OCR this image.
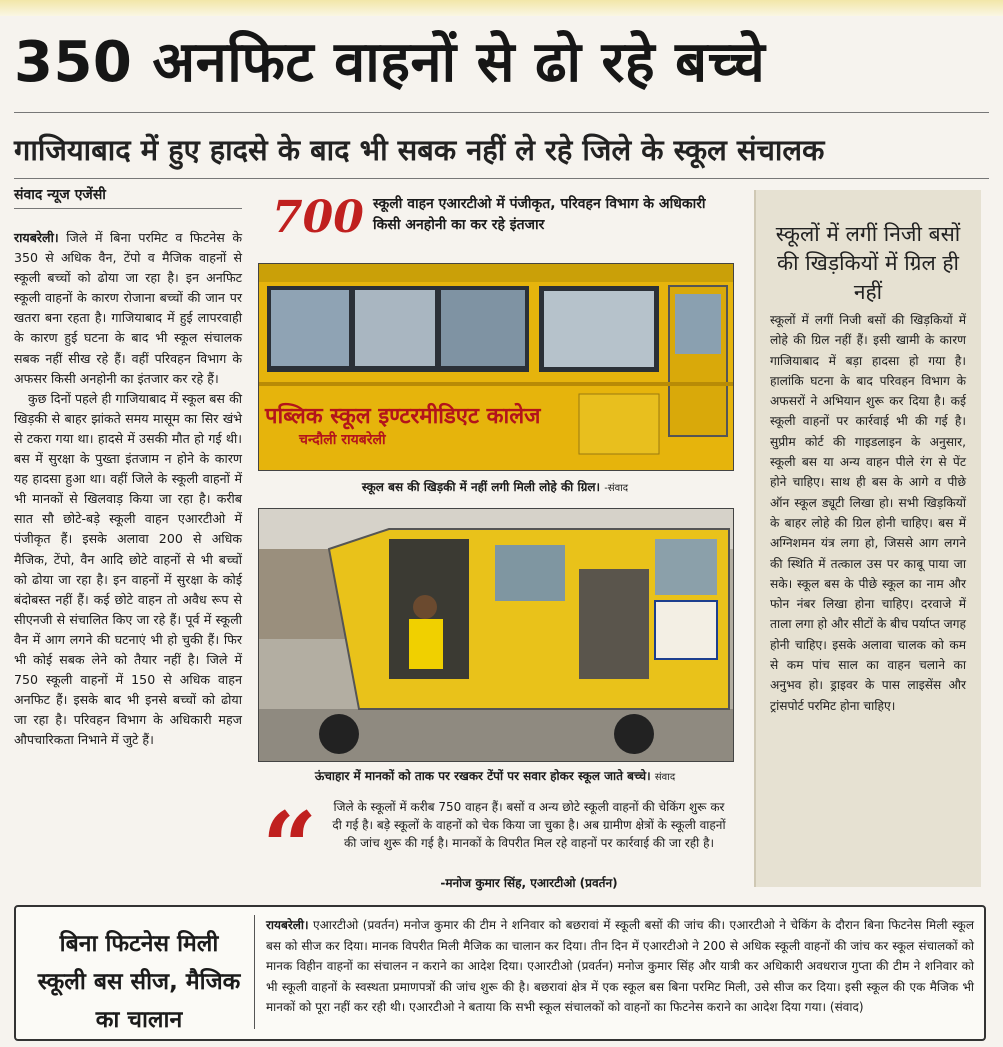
350 अनफिट वाहनों से ढो रहे बच्चे
गाजियाबाद में हुए हादसे के बाद भी सबक नहीं ले रहे जिले के स्कूल संचालक
संवाद न्यूज एजेंसी

रायबरेली। जिले में बिना परमिट व फिटनेस के 350 से अधिक वैन, टेंपो व मैजिक वाहनों से स्कूली बच्चों को ढोया जा रहा है। इन अनफिट स्कूली वाहनों के कारण रोजाना बच्चों की जान पर खतरा बना रहता है। गाजियाबाद में हुई लापरवाही के कारण हुई घटना के बाद भी स्कूल संचालक सबक नहीं सीख रहे हैं। वहीं परिवहन विभाग के अफसर किसी अनहोनी का इंतजार कर रहे हैं।

कुछ दिनों पहले ही गाजियाबाद में स्कूल बस की खिड़की से बाहर झांकते समय मासूम का सिर खंभे से टकरा गया था। हादसे में उसकी मौत हो गई थी। बस में सुरक्षा के पुख्ता इंतजाम न होने के कारण यह हादसा हुआ था। वहीं जिले के स्कूली वाहनों में भी मानकों से खिलवाड़ किया जा रहा है। करीब सात सौ छोटे-बड़े स्कूली वाहन एआरटीओ में पंजीकृत हैं। इसके अलावा 200 से अधिक मैजिक, टेंपो, वैन आदि छोटे वाहनों से भी बच्चों को ढोया जा रहा है। इन वाहनों में सुरक्षा के कोई बंदोबस्त नहीं हैं। कई छोटे वाहन तो अवैध रूप से सीएनजी से संचालित किए जा रहे हैं। पूर्व में स्कूली वैन में आग लगने की घटनाएं भी हो चुकी हैं। फिर भी कोई सबक लेने को तैयार नहीं है। जिले में 750 स्कूली वाहनों में 150 से अधिक वाहन अनफिट हैं। इसके बाद भी इनसे बच्चों को ढोया जा रहा है। परिवहन विभाग के अधिकारी महज औपचारिकता निभाने में जुटे हैं।

700 स्कूली वाहन एआरटीओ में पंजीकृत, परिवहन विभाग के अधिकारी किसी अनहोनी का कर रहे इंतजार
पब्लिक स्कूल इण्टरमीडिएट कालेज
चन्दौली रायबरेली
स्कूल बस की खिड़की में नहीं लगी मिली लोहे की ग्रिल। -संवाद
ऊंचाहार में मानकों को ताक पर रखकर टेंपों पर सवार होकर स्कूल जाते बच्चे। संवाद
“	जिले के स्कूलों में करीब 750 वाहन हैं। बसों व अन्य छोटे स्कूली वाहनों की चेकिंग शुरू कर दी गई है। बड़े स्कूलों के वाहनों को चेक किया जा चुका है। अब ग्रामीण क्षेत्रों के स्कूली वाहनों की जांच शुरू की गई है। मानकों के विपरीत मिल रहे वाहनों पर कार्रवाई की जा रही है।
-मनोज कुमार सिंह, एआरटीओ (प्रवर्तन)
स्कूलों में लगीं निजी बसों की खिड़कियों में ग्रिल ही नहीं
स्कूलों में लगीं निजी बसों की खिड़कियों में लोहे की ग्रिल नहीं हैं। इसी खामी के कारण गाजियाबाद में बड़ा हादसा हो गया है। हालांकि घटना के बाद परिवहन विभाग के अफसरों ने अभियान शुरू कर दिया है। कई स्कूली वाहनों पर कार्रवाई भी की गई है। सुप्रीम कोर्ट की गाइडलाइन के अनुसार, स्कूली बस या अन्य वाहन पीले रंग से पेंट होने चाहिए। साथ ही बस के आगे व पीछे ऑन स्कूल ड्यूटी लिखा हो। सभी खिड़कियों के बाहर लोहे की ग्रिल होनी चाहिए। बस में अग्निशमन यंत्र लगा हो, जिससे आग लगने की स्थिति में तत्काल उस पर काबू पाया जा सके। स्कूल बस के पीछे स्कूल का नाम और फोन नंबर लिखा होना चाहिए। दरवाजे में ताला लगा हो और सीटों के बीच पर्याप्त जगह होनी चाहिए। इसके अलावा चालक को कम से कम पांच साल का वाहन चलाने का अनुभव हो। ड्राइवर के पास लाइसेंस और ट्रांसपोर्ट परमिट होना चाहिए।
बिना फिटनेस मिली स्कूली बस सीज, मैजिक का चालान
रायबरेली। एआरटीओ (प्रवर्तन) मनोज कुमार की टीम ने शनिवार को बछरावां में स्कूली बसों की जांच की। एआरटीओ ने चेकिंग के दौरान बिना फिटनेस मिली स्कूल बस को सीज कर दिया। मानक विपरीत मिली मैजिक का चालान कर दिया। तीन दिन में एआरटीओ ने 200 से अधिक स्कूली वाहनों की जांच कर स्कूल संचालकों को मानक विहीन वाहनों का संचालन न कराने का आदेश दिया। एआरटीओ (प्रवर्तन) मनोज कुमार सिंह और यात्री कर अधिकारी अवधराज गुप्ता की टीम ने शनिवार को भी स्कूली वाहनों के स्वस्थता प्रमाणपत्रों की जांच शुरू की है। बछरावां क्षेत्र में एक स्कूल बस बिना परमिट मिली, उसे सीज कर दिया। इसी स्कूल की एक मैजिक भी मानकों को पूरा नहीं कर रही थी। एआरटीओ ने बताया कि सभी स्कूल संचालकों को वाहनों का फिटनेस कराने का आदेश दिया गया। (संवाद)
